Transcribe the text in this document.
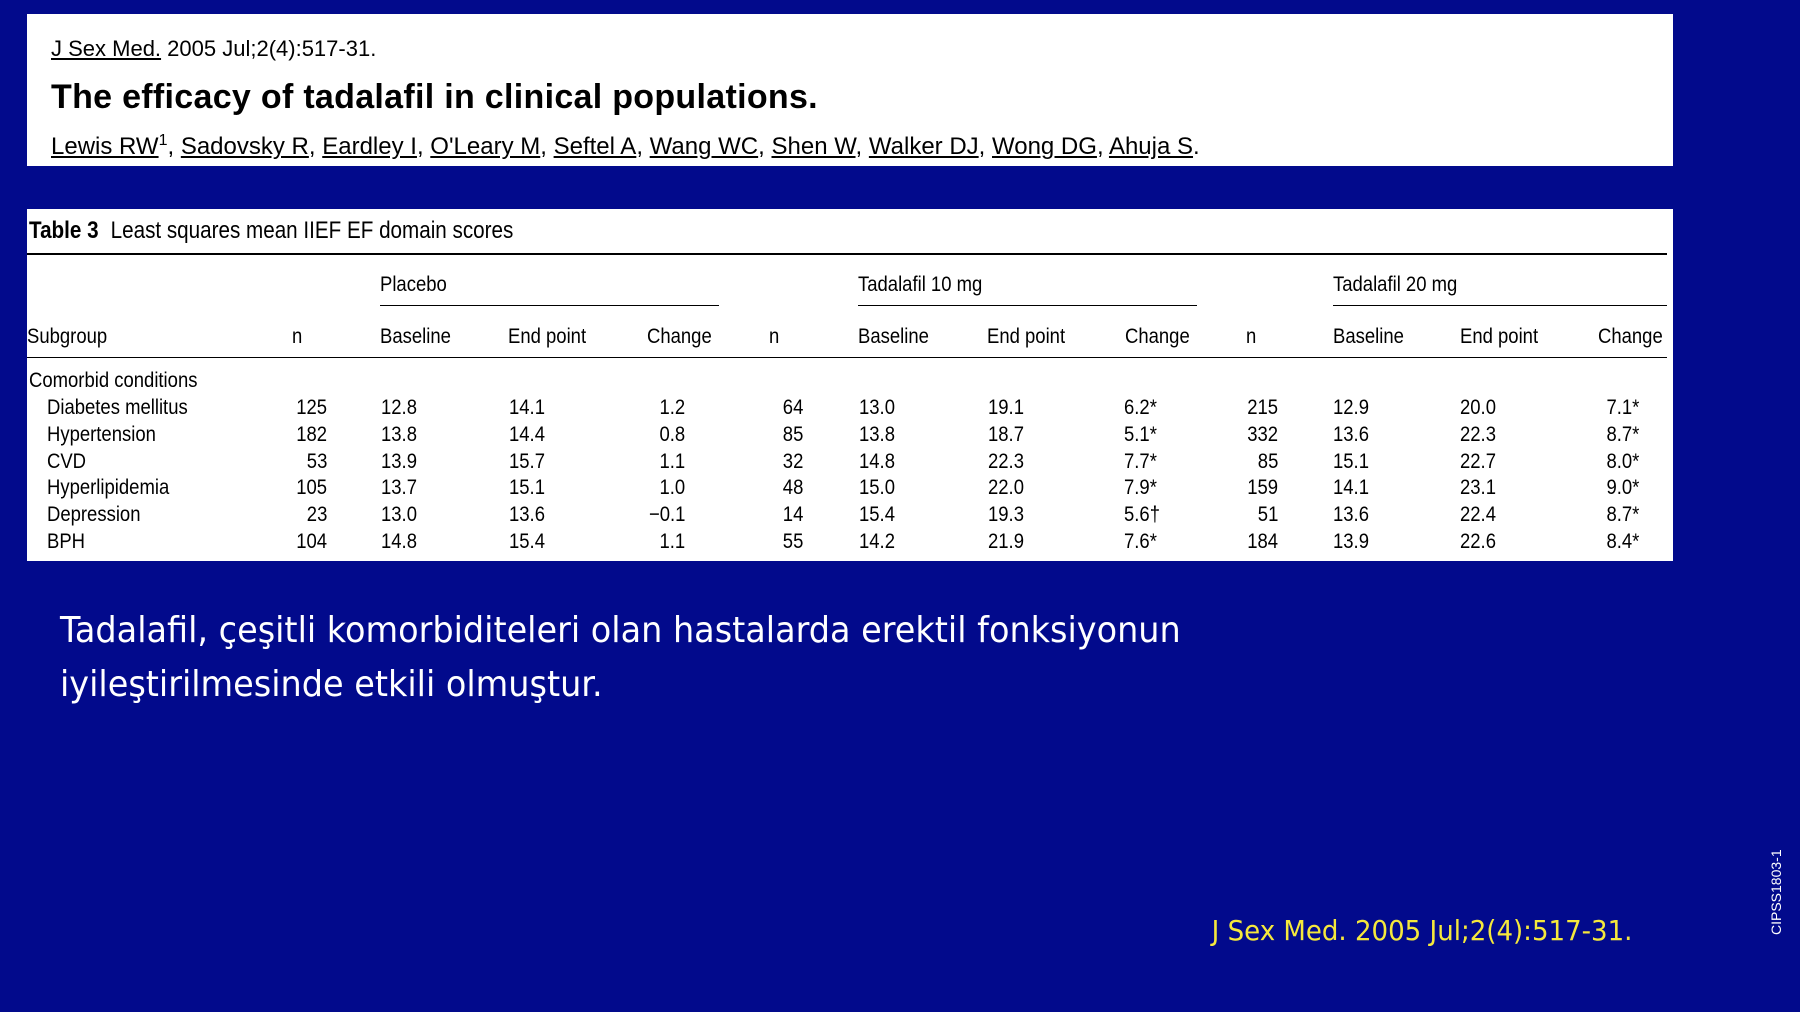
J Sex Med. 2005 Jul;2(4):517-31.
The efficacy of tadalafil in clinical populations.
Lewis $RW^1$, Sadovsky R, Eardley I, O'Leary M, Seftel A, Wang WC, Shen W, Walker DJ, Wong DG, Ahuja S.
Table 3 Least squares mean IIEF EF domain scores
Placebo	Tadalafil 10 mg	Tadalafil 20 mg
Subgroup	n	Baseline	End point	Change	n	Baseline	End point	Change	n	Baseline	End point	Change
Comorbid conditions
Diabetes mellitus	125	12.8	14.1	1.2	64	13.0	19.1	6.2*	215	12.9	20.0	7.1*
Hypertension	182	13.8	14.4	0.8	85	13.8	18.7	5.1*	332	13.6	22.3	8.7*
CVD	53	13.9	15.7	1.1	32	14.8	22.3	7.7*	85	15.1	22.7	8.0*
Hyperlipidemia	105	13.7	15.1	1.0	48	15.0	22.0	7.9*	159	14.1	23.1	9.0*
Depression	23	13.0	13.6	−0.1	14	15.4	19.3	5.6†	51	13.6	22.4	8.7*
BPH	104	14.8	15.4	1.1	55	14.2	21.9	7.6*	184	13.9	22.6	8.4*
Tadalafil, çeşitli komorbiditeleri olan hastalarda erektil fonksiyonun iyileştirilmesinde etkili olmuştur.
J Sex Med. 2005 Jul;2(4):517-31.	CIPSS1803-1
